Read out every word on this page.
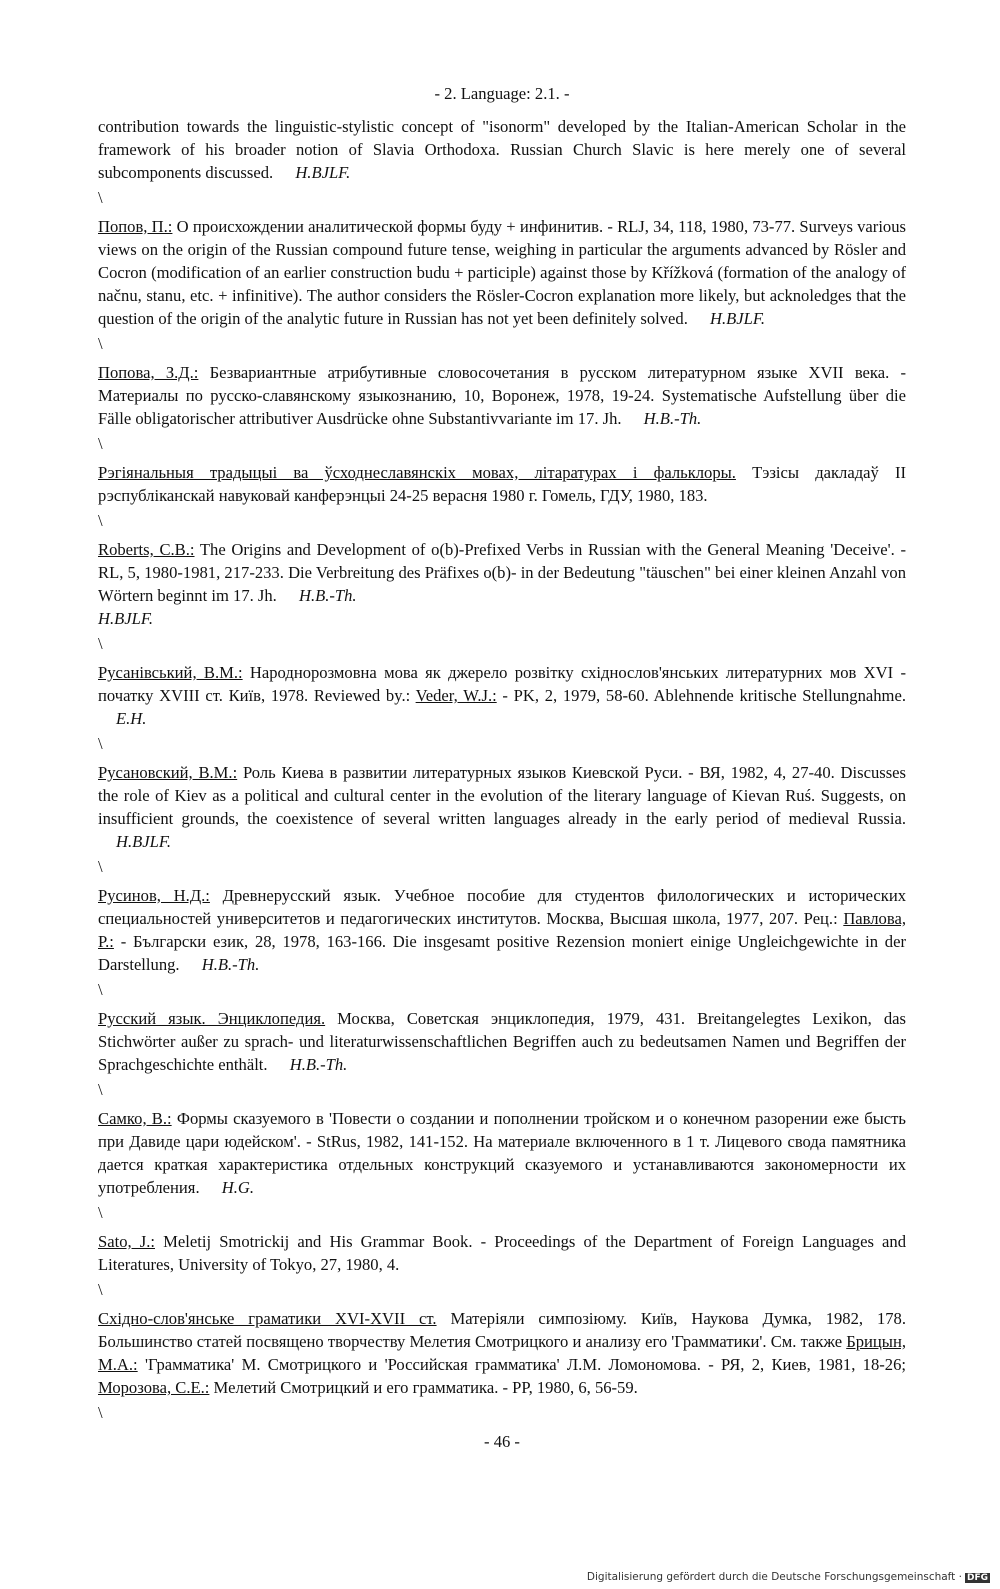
- 2. Language: 2.1. -

contribution towards the linguistic-stylistic concept of "isonorm" developed by the Italian-American Scholar in the framework of his broader notion of Slavia Orthodoxa. Russian Church Slavic is here merely one of several subcomponents discussed. H.BJLF.

\

Попов, П.: О происхождении аналитической формы буду + инфинитив. - RLJ, 34, 118, 1980, 73-77. Surveys various views on the origin of the Russian compound future tense, weighing in particular the arguments advanced by Rösler and Cocron (modification of an earlier construction budu + participle) against those by Křížková (formation of the analogy of načnu, stanu, etc. + infinitive). The author considers the Rösler-Cocron explanation more likely, but acknoledges that the question of the origin of the analytic future in Russian has not yet been definitely solved. H.BJLF.

\

Попова, З.Д.: Безвариантные атрибутивные словосочетания в русском литературном языке XVII века. - Материалы по русско-славянскому языкознанию, 10, Воронеж, 1978, 19-24. Systematische Aufstellung über die Fälle obligatorischer attributiver Ausdrücke ohne Substantivvariante im 17. Jh. H.B.-Th.

\

Рэгіянальныя традыцыі ва ўсходнеславянскіх мовах, літаратурах і фальклоры. Тэзісы дакладаў II рэспубліканскай навуковай канферэнцыі 24-25 верасня 1980 г. Гомель, ГДУ, 1980, 183.

\

Roberts, C.B.: The Origins and Development of o(b)-Prefixed Verbs in Russian with the General Meaning 'Deceive'. - RL, 5, 1980-1981, 217-233. Die Verbreitung des Präfixes o(b)- in der Bedeutung "täuschen" bei einer kleinen Anzahl von Wörtern beginnt im 17. Jh. H.B.-Th.
H.BJLF.

\

Русанівський, В.М.: Народнорозмовна мова як джерело розвітку східнослов'янських литературних мов XVI - початку XVIII ст. Київ, 1978. Reviewed by.: Veder, W.J.: - PK, 2, 1979, 58-60. Ablehnende kritische Stellungnahme. E.H.

\

Русановский, В.М.: Роль Киева в развитии литературных языков Киевской Руси. - ВЯ, 1982, 4, 27-40. Discusses the role of Kiev as a political and cultural center in the evolution of the literary language of Kievan Ruś. Suggests, on insufficient grounds, the coexistence of several written languages already in the early period of medieval Russia. H.BJLF.

\

Русинов, Н.Д.: Древнерусский язык. Учебное пособие для студентов филологических и исторических специальностей университетов и педагогических институтов. Москва, Высшая школа, 1977, 207. Рец.: Павлова, Р.: - Български език, 28, 1978, 163-166. Die insgesamt positive Rezension moniert einige Ungleichgewichte in der Darstellung. H.B.-Th.

\

Русский язык. Энциклопедия. Москва, Советская энциклопедия, 1979, 431. Breitangelegtes Lexikon, das Stichwörter außer zu sprach- und literaturwissenschaftlichen Begriffen auch zu bedeutsamen Namen und Begriffen der Sprachgeschichte enthält. H.B.-Th.

\

Самко, В.: Формы сказуемого в 'Повести о создании и пополнении тройском и о конечном разорении еже бысть при Давиде цари юдейском'. - StRus, 1982, 141-152. На материале включенного в 1 т. Лицевого свода памятника дается краткая характеристика отдельных конструкций сказуемого и устанавливаются закономерности их употребления. H.G.

\

Sato, J.: Meletij Smotrickij and His Grammar Book. - Proceedings of the Department of Foreign Languages and Literatures, University of Tokyo, 27, 1980, 4.

\

Східно-слов'янське граматики XVI-XVII ст. Матеріяли симпозіюму. Київ, Наукова Думка, 1982, 178. Большинство статей посвящено творчеству Мелетия Смотрицкого и анализу его 'Грамматики'. См. также Брицын, М.А.: 'Грамматика' М. Смотрицкого и 'Российская грамматика' Л.М. Ломономова. - РЯ, 2, Киев, 1981, 18-26; Морозова, С.Е.: Мелетий Смотрицкий и его грамматика. - РР, 1980, 6, 56-59.

\
- 46 -
Digitalisierung gefördert durch die Deutsche Forschungsgemeinschaft · DFG
